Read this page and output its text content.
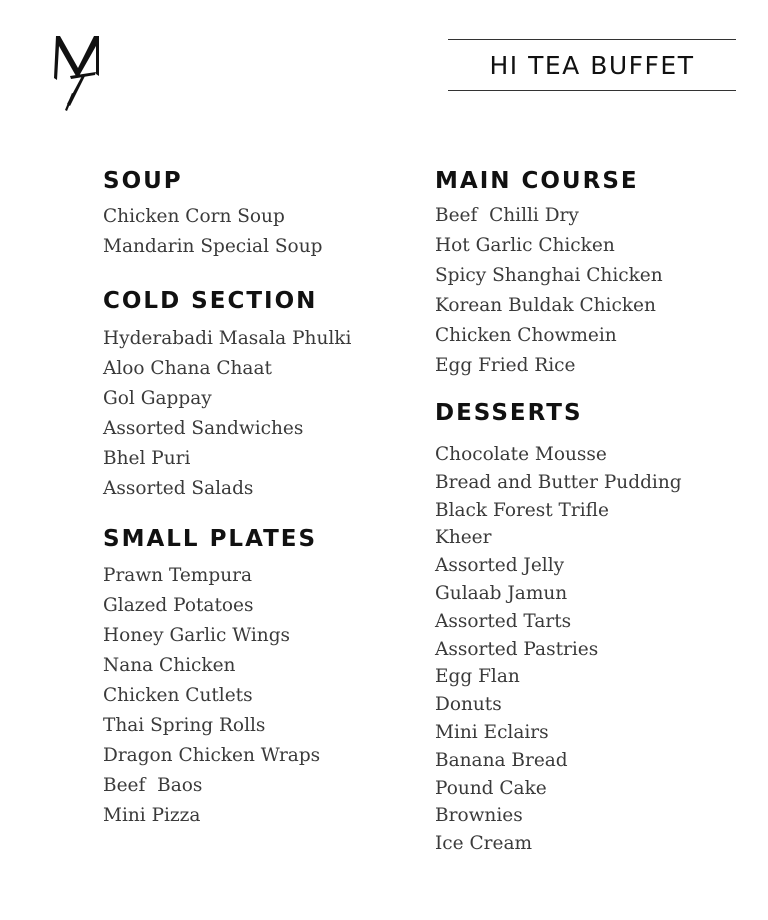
HI TEA BUFFET
SOUP
Chicken Corn Soup
Mandarin Special Soup
COLD SECTION
Hyderabadi Masala Phulki
Aloo Chana Chaat
Gol Gappay
Assorted Sandwiches
Bhel Puri
Assorted Salads
SMALL PLATES
Prawn Tempura
Glazed Potatoes
Honey Garlic Wings
Nana Chicken
Chicken Cutlets
Thai Spring Rolls
Dragon Chicken Wraps
Beef  Baos
Mini Pizza
MAIN COURSE
Beef  Chilli Dry
Hot Garlic Chicken
Spicy Shanghai Chicken
Korean Buldak Chicken
Chicken Chowmein
Egg Fried Rice
DESSERTS
Chocolate Mousse
Bread and Butter Pudding
Black Forest Trifle
Kheer
Assorted Jelly
Gulaab Jamun
Assorted Tarts
Assorted Pastries
Egg Flan
Donuts
Mini Eclairs
Banana Bread
Pound Cake
Brownies
Ice Cream
